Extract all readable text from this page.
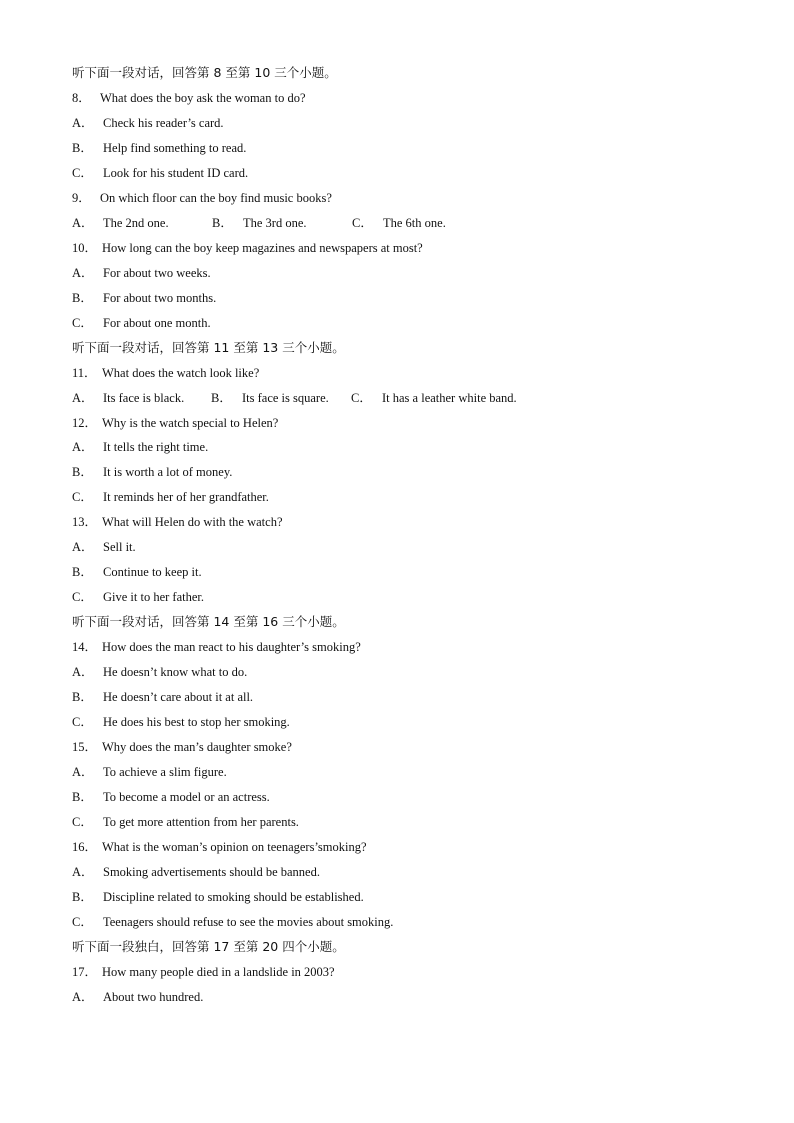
听下面一段对话，回答第 8 至第 10 三个小题。
8． What does the boy ask the woman to do?
A． Check his reader’s card.
B． Help find something to read.
C． Look for his student ID card.
9． On which floor can the boy find music books?
A． The 2nd one.	B． The 3rd one.	C． The 6th one.
10． How long can the boy keep magazines and newspapers at most?
A． For about two weeks.
B． For about two months.
C． For about one month.
听下面一段对话，回答第 11 至第 13 三个小题。
11． What does the watch look like?
A． Its face is black. B． Its face is square. C． It has a leather white band.
12． Why is the watch special to Helen?
A． It tells the right time.
B． It is worth a lot of money.
C． It reminds her of her grandfather.
13． What will Helen do with the watch?
A． Sell it.
B． Continue to keep it.
C． Give it to her father.
听下面一段对话，回答第 14 至第 16 三个小题。
14． How does the man react to his daughter’s smoking?
A． He doesn’t know what to do.
B． He doesn’t care about it at all.
C． He does his best to stop her smoking.
15． Why does the man’s daughter smoke?
A． To achieve a slim figure.
B． To become a model or an actress.
C． To get more attention from her parents.
16． What is the woman’s opinion on teenagers’smoking?
A． Smoking advertisements should be banned.
B． Discipline related to smoking should be established.
C． Teenagers should refuse to see the movies about smoking.
听下面一段独白，回答第 17 至第 20 四个小题。
17． How many people died in a landslide in 2003?
A． About two hundred.
